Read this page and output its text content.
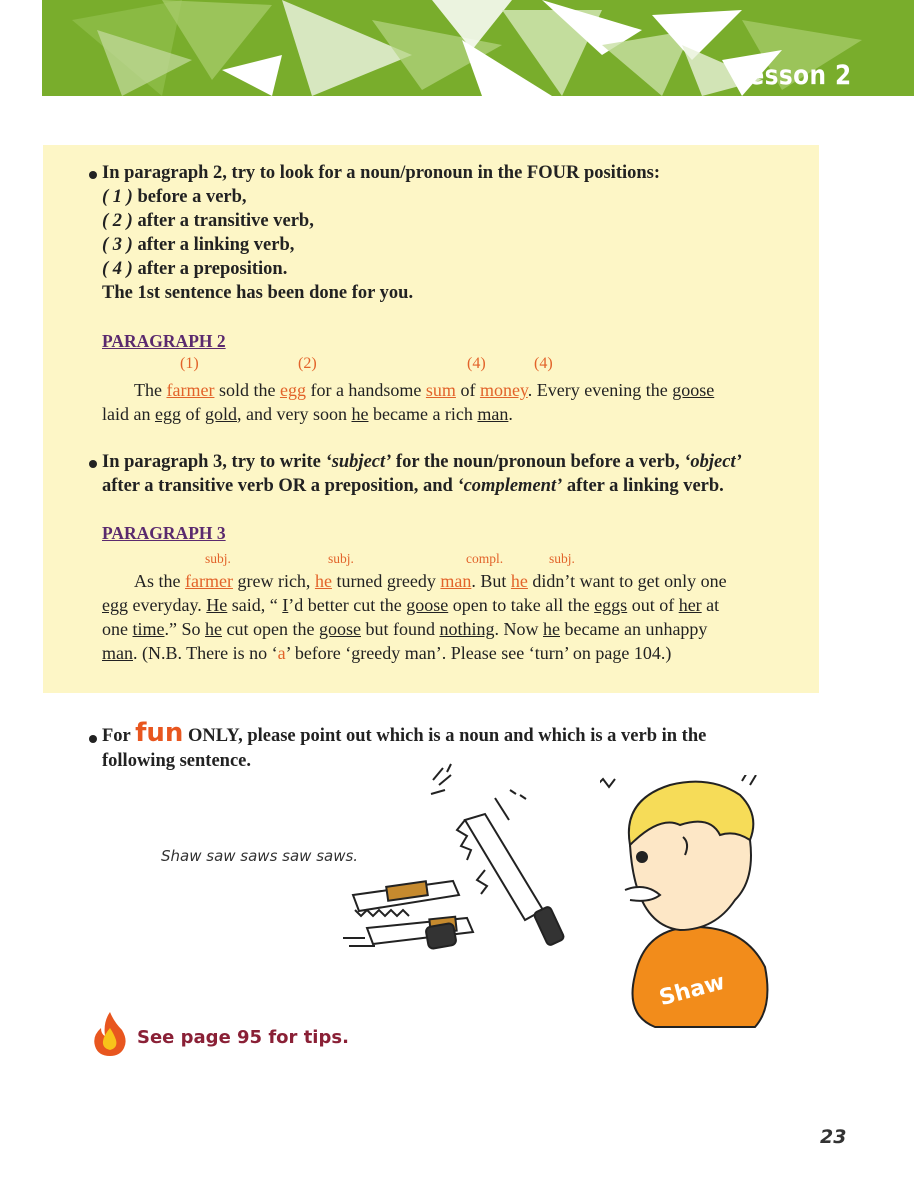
Lesson 2
In paragraph 2, try to look for a noun/pronoun in the FOUR positions:
( 1 ) before a verb,
( 2 ) after a transitive verb,
( 3 ) after a linking verb,
( 4 ) after a preposition.
The 1st sentence has been done for you.
PARAGRAPH 2
(1)	(2)	(4)	(4)
The farmer sold the egg for a handsome sum of money. Every evening the goose
laid an egg of gold, and very soon he became a rich man.
In paragraph 3, try to write ‘subject’ for the noun/pronoun before a verb, ‘object’
after a transitive verb OR a preposition, and ‘complement’ after a linking verb.
PARAGRAPH 3
subj.	subj.	compl.	subj.
As the farmer grew rich, he turned greedy man. But he didn’t want to get only one
egg everyday. He said, “ I’d better cut the goose open to take all the eggs out of her at
one time.” So he cut open the goose but found nothing. Now he became an unhappy
man. (N.B. There is no ‘a’ before ‘greedy man’. Please see ‘turn’ on page 104.)
For fun ONLY, please point out which is a noun and which is a verb in the
following sentence.
Shaw saw saws saw saws.
Shaw
See page 95 for tips.
23
